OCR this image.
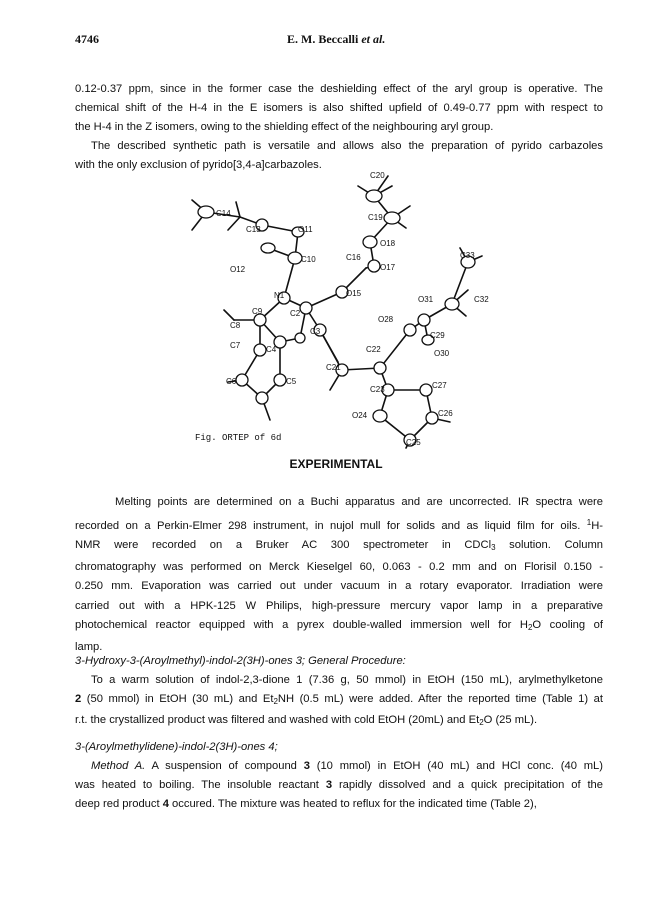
4746	E. M. Beccalli et al.
0.12-0.37 ppm, since in the former case the deshielding effect of the aryl group is operative. The
chemical shift of the H-4 in the E isomers is also shifted upfield of 0.49-0.77 ppm with respect to
the H-4 in the Z isomers, owing to the shielding effect of the neighbouring aryl group.
The described synthetic path is versatile and allows also the preparation of pyrido carbazoles
with the only exclusion of pyrido[3,4-a]carbazoles.
C20
C14
C13	O11
C19
O18
C33
C10	C16
O17
O12
C32
O15
N1	O31
C9	C2
O28
C8
C3	C29
C7	C4	C22	O30
C21
C6	C5
C23	C27
O24	C26
C25
Fig. ORTEP of 6d
EXPERIMENTAL
Melting points are determined on a Buchi apparatus and are uncorrected. IR spectra were
recorded on a Perkin-Elmer 298 instrument, in nujol mull for solids and as liquid film for oils. $^1$H-
NMR were recorded on a Bruker AC 300 spectrometer in CDCl$_3$ solution. Column
chromatography was performed on Merck Kieselgel 60, 0.063 - 0.2 mm and on Florisil 0.150 -
0.250 mm. Evaporation was carried out under vacuum in a rotary evaporator. Irradiation were
carried out with a HPK-125 W Philips, high-pressure mercury vapor lamp in a preparative
photochemical reactor equipped with a pyrex double-walled immersion well for $H_2O$ cooling of
lamp.
3-Hydroxy-3-(Aroylmethyl)-indol-2(3H)-ones 3; General Procedure:
To a warm solution of indol-2,3-dione 1 (7.36 g, 50 mmol) in EtOH (150 mL), arylmethylketone
2 (50 mmol) in EtOH (30 mL) and $Et_2NH$ (0.5 mL) were added. After the reported time (Table 1) at
r.t. the crystallized product was filtered and washed with cold EtOH (20mL) and $Et_2O$ (25 mL).
3-(Aroylmethylidene)-indol-2(3H)-ones 4;
Method A. A suspension of compound 3 (10 mmol) in EtOH (40 mL) and HCl conc. (40 mL)
was heated to boiling. The insoluble reactant 3 rapidly dissolved and a quick precipitation of the
deep red product 4 occured. The mixture was heated to reflux for the indicated time (Table 2),
